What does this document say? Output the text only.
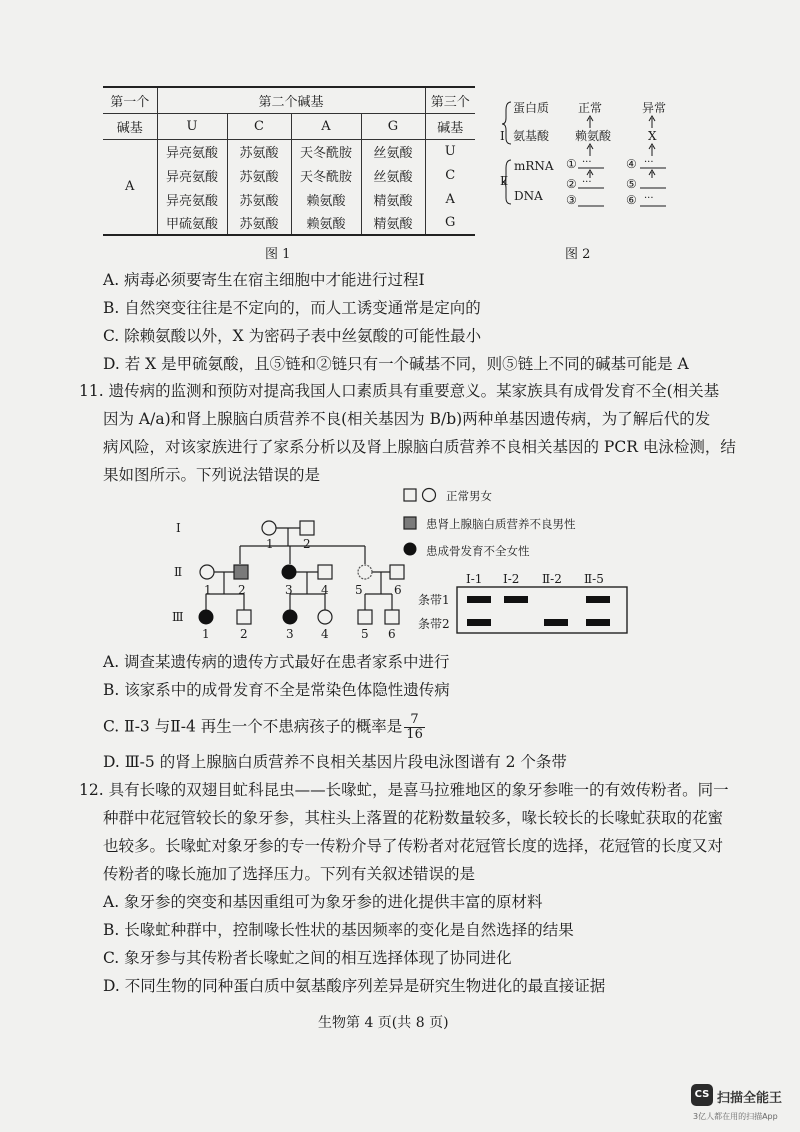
第一个	第二个碱基				第三个
碱基	U	C	A	G	碱基
A	异亮氨酸	苏氨酸	天冬酰胺	丝氨酸	U
	异亮氨酸	苏氨酸	天冬酰胺	丝氨酸	C
	异亮氨酸	苏氨酸	赖氨酸	精氨酸	A
	甲硫氨酸	苏氨酸	赖氨酸	精氨酸	G
图 1
蛋白质 正常	异常
Ⅰ 氨基酸 赖氨酸	X
mRNA
Ⅱ
DNA
①
②
③
④
⑤
⑥
···
···
···
···
图 2
A. 病毒必须要寄生在宿主细胞中才能进行过程Ⅰ
B. 自然突变往往是不定向的，而人工诱变通常是定向的
C. 除赖氨酸以外，X 为密码子表中丝氨酸的可能性最小
D. 若 X 是甲硫氨酸，且⑤链和②链只有一个碱基不同，则⑤链上不同的碱基可能是 A
11. 遗传病的监测和预防对提高我国人口素质具有重要意义。某家族具有成骨发育不全(相关基
因为 A/a)和肾上腺脑白质营养不良(相关基因为 B/b)两种单基因遗传病，为了解后代的发
病风险，对该家族进行了家系分析以及肾上腺脑白质营养不良相关基因的 PCR 电泳检测，结
果如图所示。下列说法错误的是
正常男女
患肾上腺脑白质营养不良男性
患成骨发育不全女性
Ⅰ
Ⅱ
Ⅲ
1 2
1 2	3 4 5	6
1	2	3 4	5 6
Ⅰ-1 Ⅰ-2 Ⅱ-2 Ⅱ-5
条带1
条带2
A. 调查某遗传病的遗传方式最好在患者家系中进行
B. 该家系中的成骨发育不全是常染色体隐性遗传病
C. Ⅱ-3 与Ⅱ-4 再生一个不患病孩子的概率是 $\frac{7}{16}$
D. Ⅲ-5 的肾上腺脑白质营养不良相关基因片段电泳图谱有 2 个条带
12. 具有长喙的双翅目虻科昆虫——长喙虻，是喜马拉雅地区的象牙参唯一的有效传粉者。同一
种群中花冠管较长的象牙参，其柱头上落置的花粉数量较多，喙长较长的长喙虻获取的花蜜
也较多。长喙虻对象牙参的专一传粉介导了传粉者对花冠管长度的选择，花冠管的长度又对
传粉者的喙长施加了选择压力。下列有关叙述错误的是
A. 象牙参的突变和基因重组可为象牙参的进化提供丰富的原材料
B. 长喙虻种群中，控制喙长性状的基因频率的变化是自然选择的结果
C. 象牙参与其传粉者长喙虻之间的相互选择体现了协同进化
D. 不同生物的同种蛋白质中氨基酸序列差异是研究生物进化的最直接证据
生物第 4 页(共 8 页)
CS 扫描全能王
3亿人都在用的扫描App
